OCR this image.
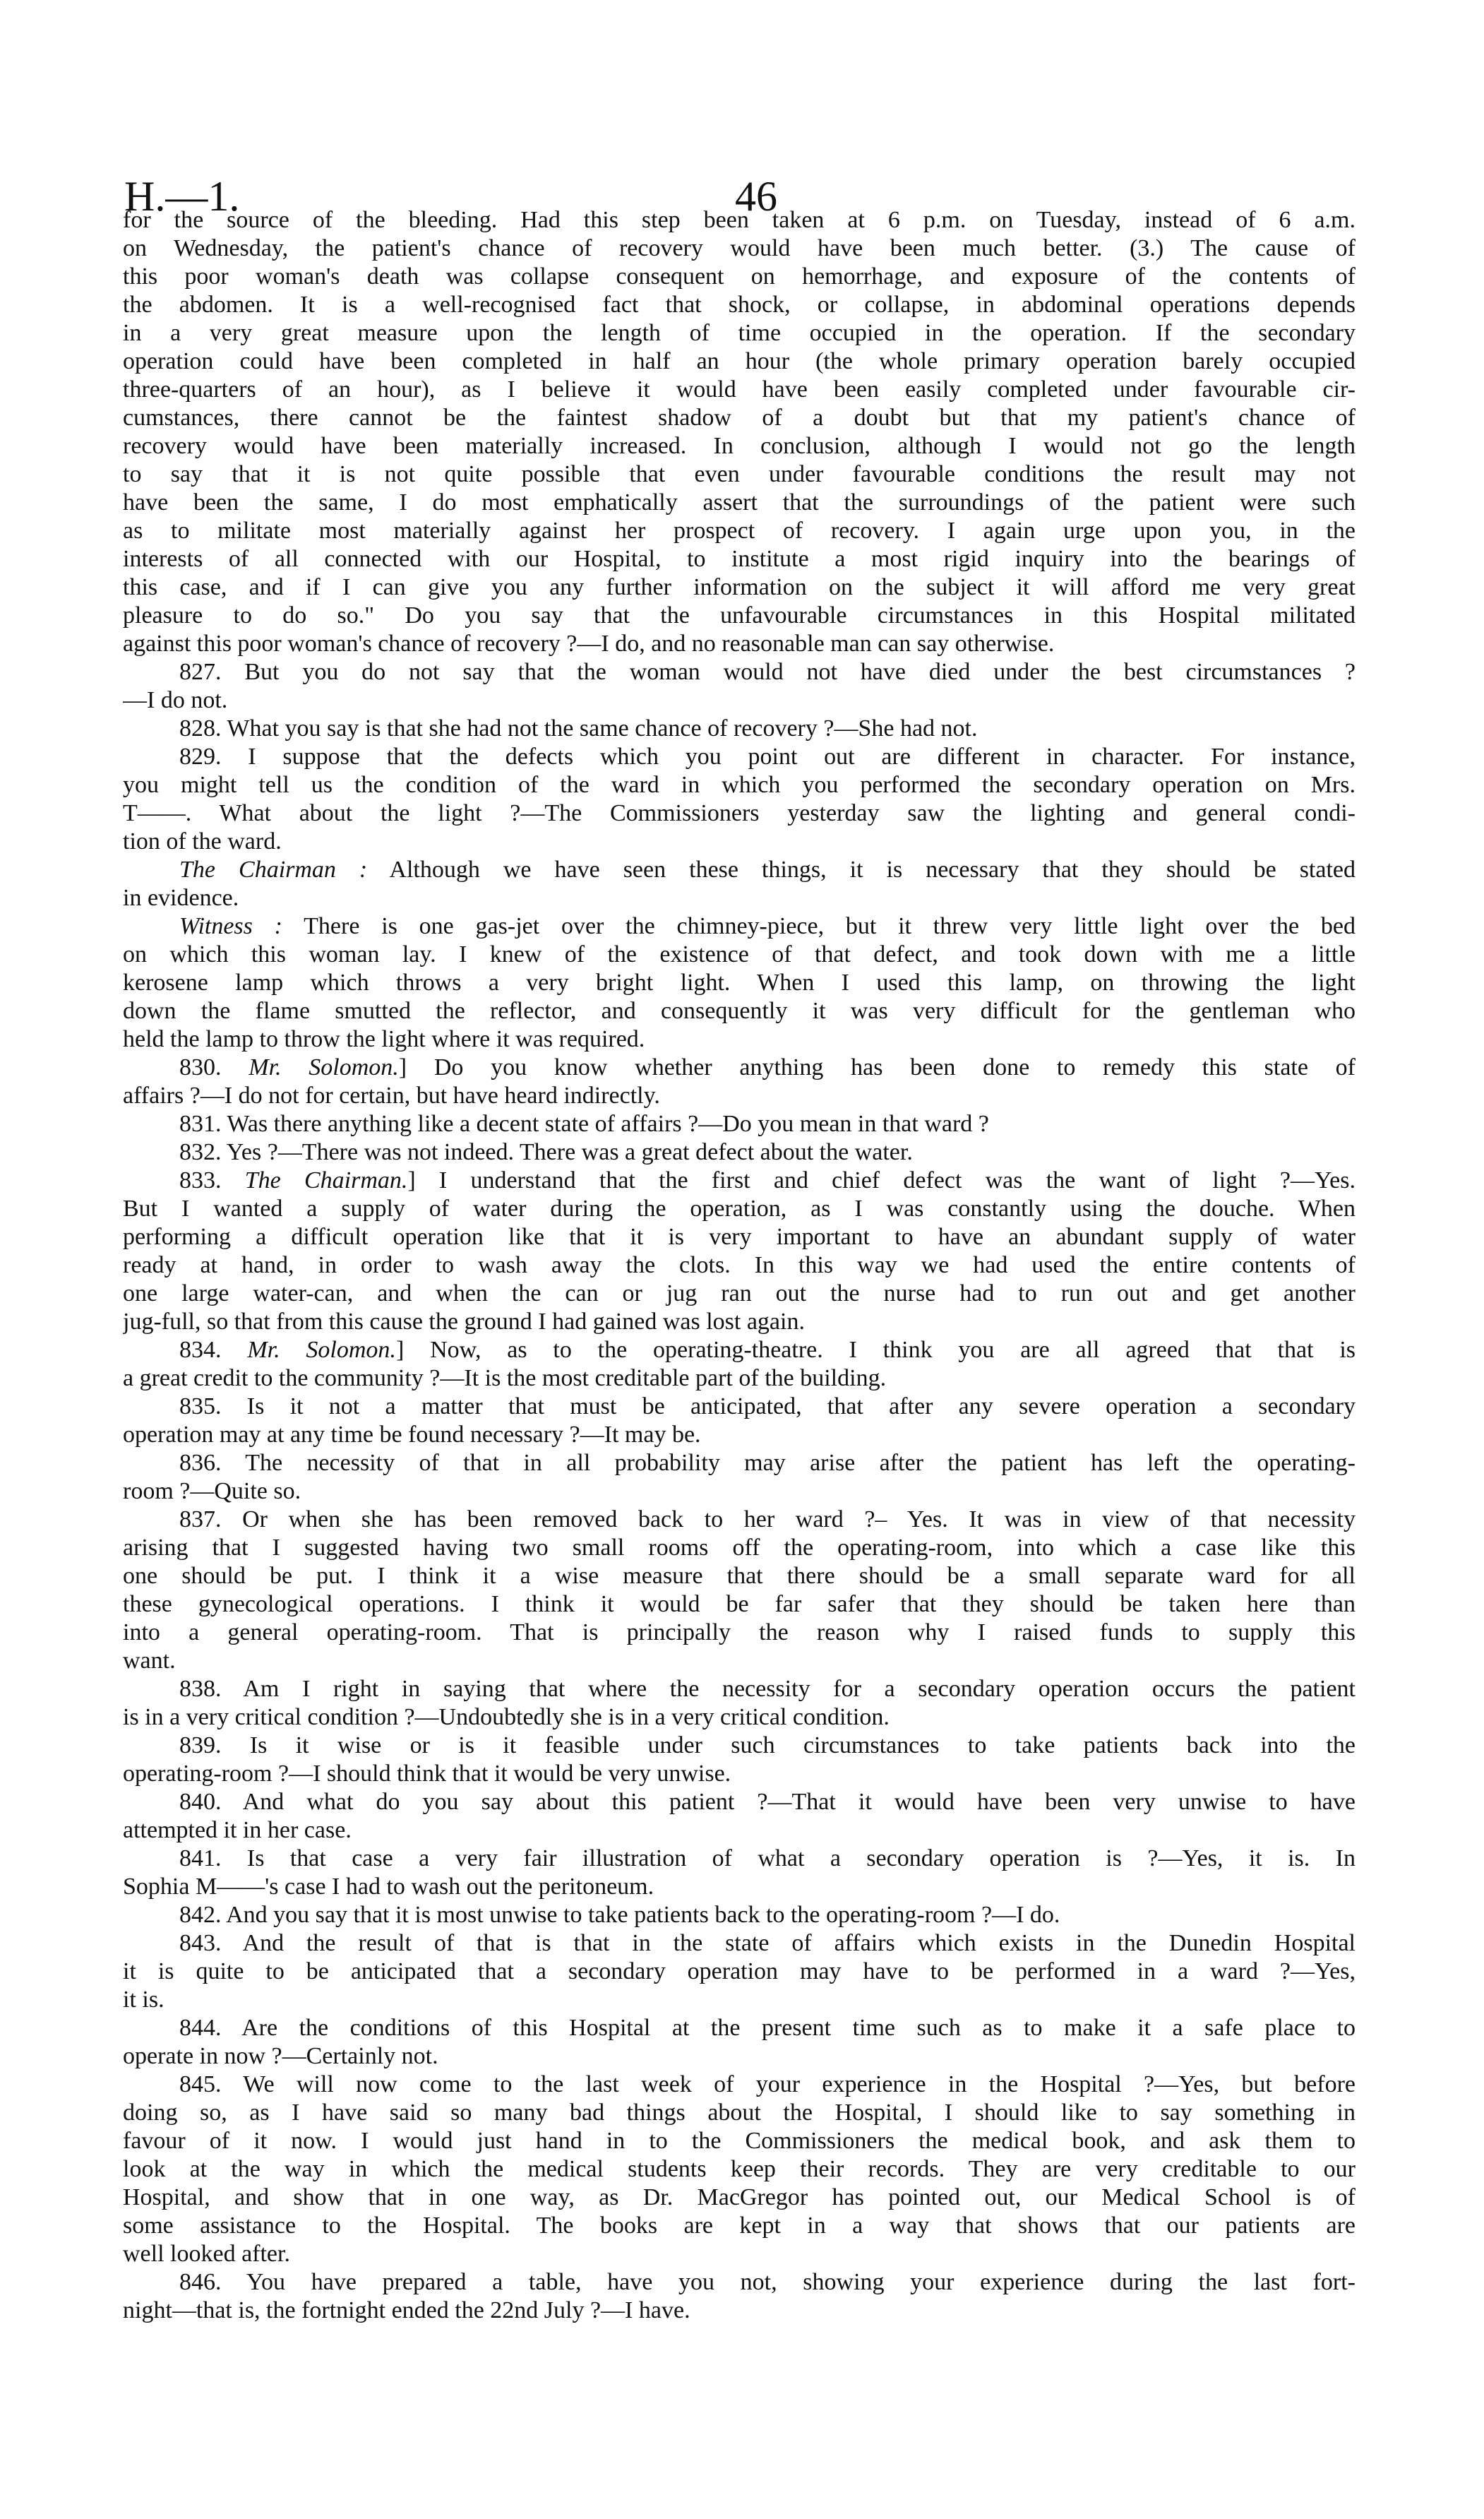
H.—1.	46
for the source of the bleeding. Had this step been taken at 6 p.m. on Tuesday, instead of 6 a.m.
on Wednesday, the patient's chance of recovery would have been much better. (3.) The cause of
this poor woman's death was collapse consequent on hemorrhage, and exposure of the contents of
the abdomen. It is a well-recognised fact that shock, or collapse, in abdominal operations depends
in a very great measure upon the length of time occupied in the operation. If the secondary
operation could have been completed in half an hour (the whole primary operation barely occupied
three-quarters of an hour), as I believe it would have been easily completed under favourable cir-
cumstances, there cannot be the faintest shadow of a doubt but that my patient's chance of
recovery would have been materially increased. In conclusion, although I would not go the length
to say that it is not quite possible that even under favourable conditions the result may not
have been the same, I do most emphatically assert that the surroundings of the patient were such
as to militate most materially against her prospect of recovery. I again urge upon you, in the
interests of all connected with our Hospital, to institute a most rigid inquiry into the bearings of
this case, and if I can give you any further information on the subject it will afford me very great
pleasure to do so." Do you say that the unfavourable circumstances in this Hospital militated
against this poor woman's chance of recovery ?—I do, and no reasonable man can say otherwise.
827. But you do not say that the woman would not have died under the best circumstances ?
—I do not.
828. What you say is that she had not the same chance of recovery ?—She had not.
829. I suppose that the defects which you point out are different in character. For instance,
you might tell us the condition of the ward in which you performed the secondary operation on Mrs.
T——. What about the light ?—The Commissioners yesterday saw the lighting and general condi-
tion of the ward.
The Chairman : Although we have seen these things, it is necessary that they should be stated
in evidence.
Witness : There is one gas-jet over the chimney-piece, but it threw very little light over the bed
on which this woman lay. I knew of the existence of that defect, and took down with me a little
kerosene lamp which throws a very bright light. When I used this lamp, on throwing the light
down the flame smutted the reflector, and consequently it was very difficult for the gentleman who
held the lamp to throw the light where it was required.
830. Mr. Solomon.] Do you know whether anything has been done to remedy this state of
affairs ?—I do not for certain, but have heard indirectly.
831. Was there anything like a decent state of affairs ?—Do you mean in that ward ?
832. Yes ?—There was not indeed. There was a great defect about the water.
833. The Chairman.] I understand that the first and chief defect was the want of light ?—Yes.
But I wanted a supply of water during the operation, as I was constantly using the douche. When
performing a difficult operation like that it is very important to have an abundant supply of water
ready at hand, in order to wash away the clots. In this way we had used the entire contents of
one large water-can, and when the can or jug ran out the nurse had to run out and get another
jug-full, so that from this cause the ground I had gained was lost again.
834. Mr. Solomon.] Now, as to the operating-theatre. I think you are all agreed that that is
a great credit to the community ?—It is the most creditable part of the building.
835. Is it not a matter that must be anticipated, that after any severe operation a secondary
operation may at any time be found necessary ?—It may be.
836. The necessity of that in all probability may arise after the patient has left the operating-
room ?—Quite so.
837. Or when she has been removed back to her ward ?– Yes. It was in view of that necessity
arising that I suggested having two small rooms off the operating-room, into which a case like this
one should be put. I think it a wise measure that there should be a small separate ward for all
these gynecological operations. I think it would be far safer that they should be taken here than
into a general operating-room. That is principally the reason why I raised funds to supply this
want.
838. Am I right in saying that where the necessity for a secondary operation occurs the patient
is in a very critical condition ?—Undoubtedly she is in a very critical condition.
839. Is it wise or is it feasible under such circumstances to take patients back into the
operating-room ?—I should think that it would be very unwise.
840. And what do you say about this patient ?—That it would have been very unwise to have
attempted it in her case.
841. Is that case a very fair illustration of what a secondary operation is ?—Yes, it is. In
Sophia M——'s case I had to wash out the peritoneum.
842. And you say that it is most unwise to take patients back to the operating-room ?—I do.
843. And the result of that is that in the state of affairs which exists in the Dunedin Hospital
it is quite to be anticipated that a secondary operation may have to be performed in a ward ?—Yes,
it is.
844. Are the conditions of this Hospital at the present time such as to make it a safe place to
operate in now ?—Certainly not.
845. We will now come to the last week of your experience in the Hospital ?—Yes, but before
doing so, as I have said so many bad things about the Hospital, I should like to say something in
favour of it now. I would just hand in to the Commissioners the medical book, and ask them to
look at the way in which the medical students keep their records. They are very creditable to our
Hospital, and show that in one way, as Dr. MacGregor has pointed out, our Medical School is of
some assistance to the Hospital. The books are kept in a way that shows that our patients are
well looked after.
846. You have prepared a table, have you not, showing your experience during the last fort-
night—that is, the fortnight ended the 22nd July ?—I have.
